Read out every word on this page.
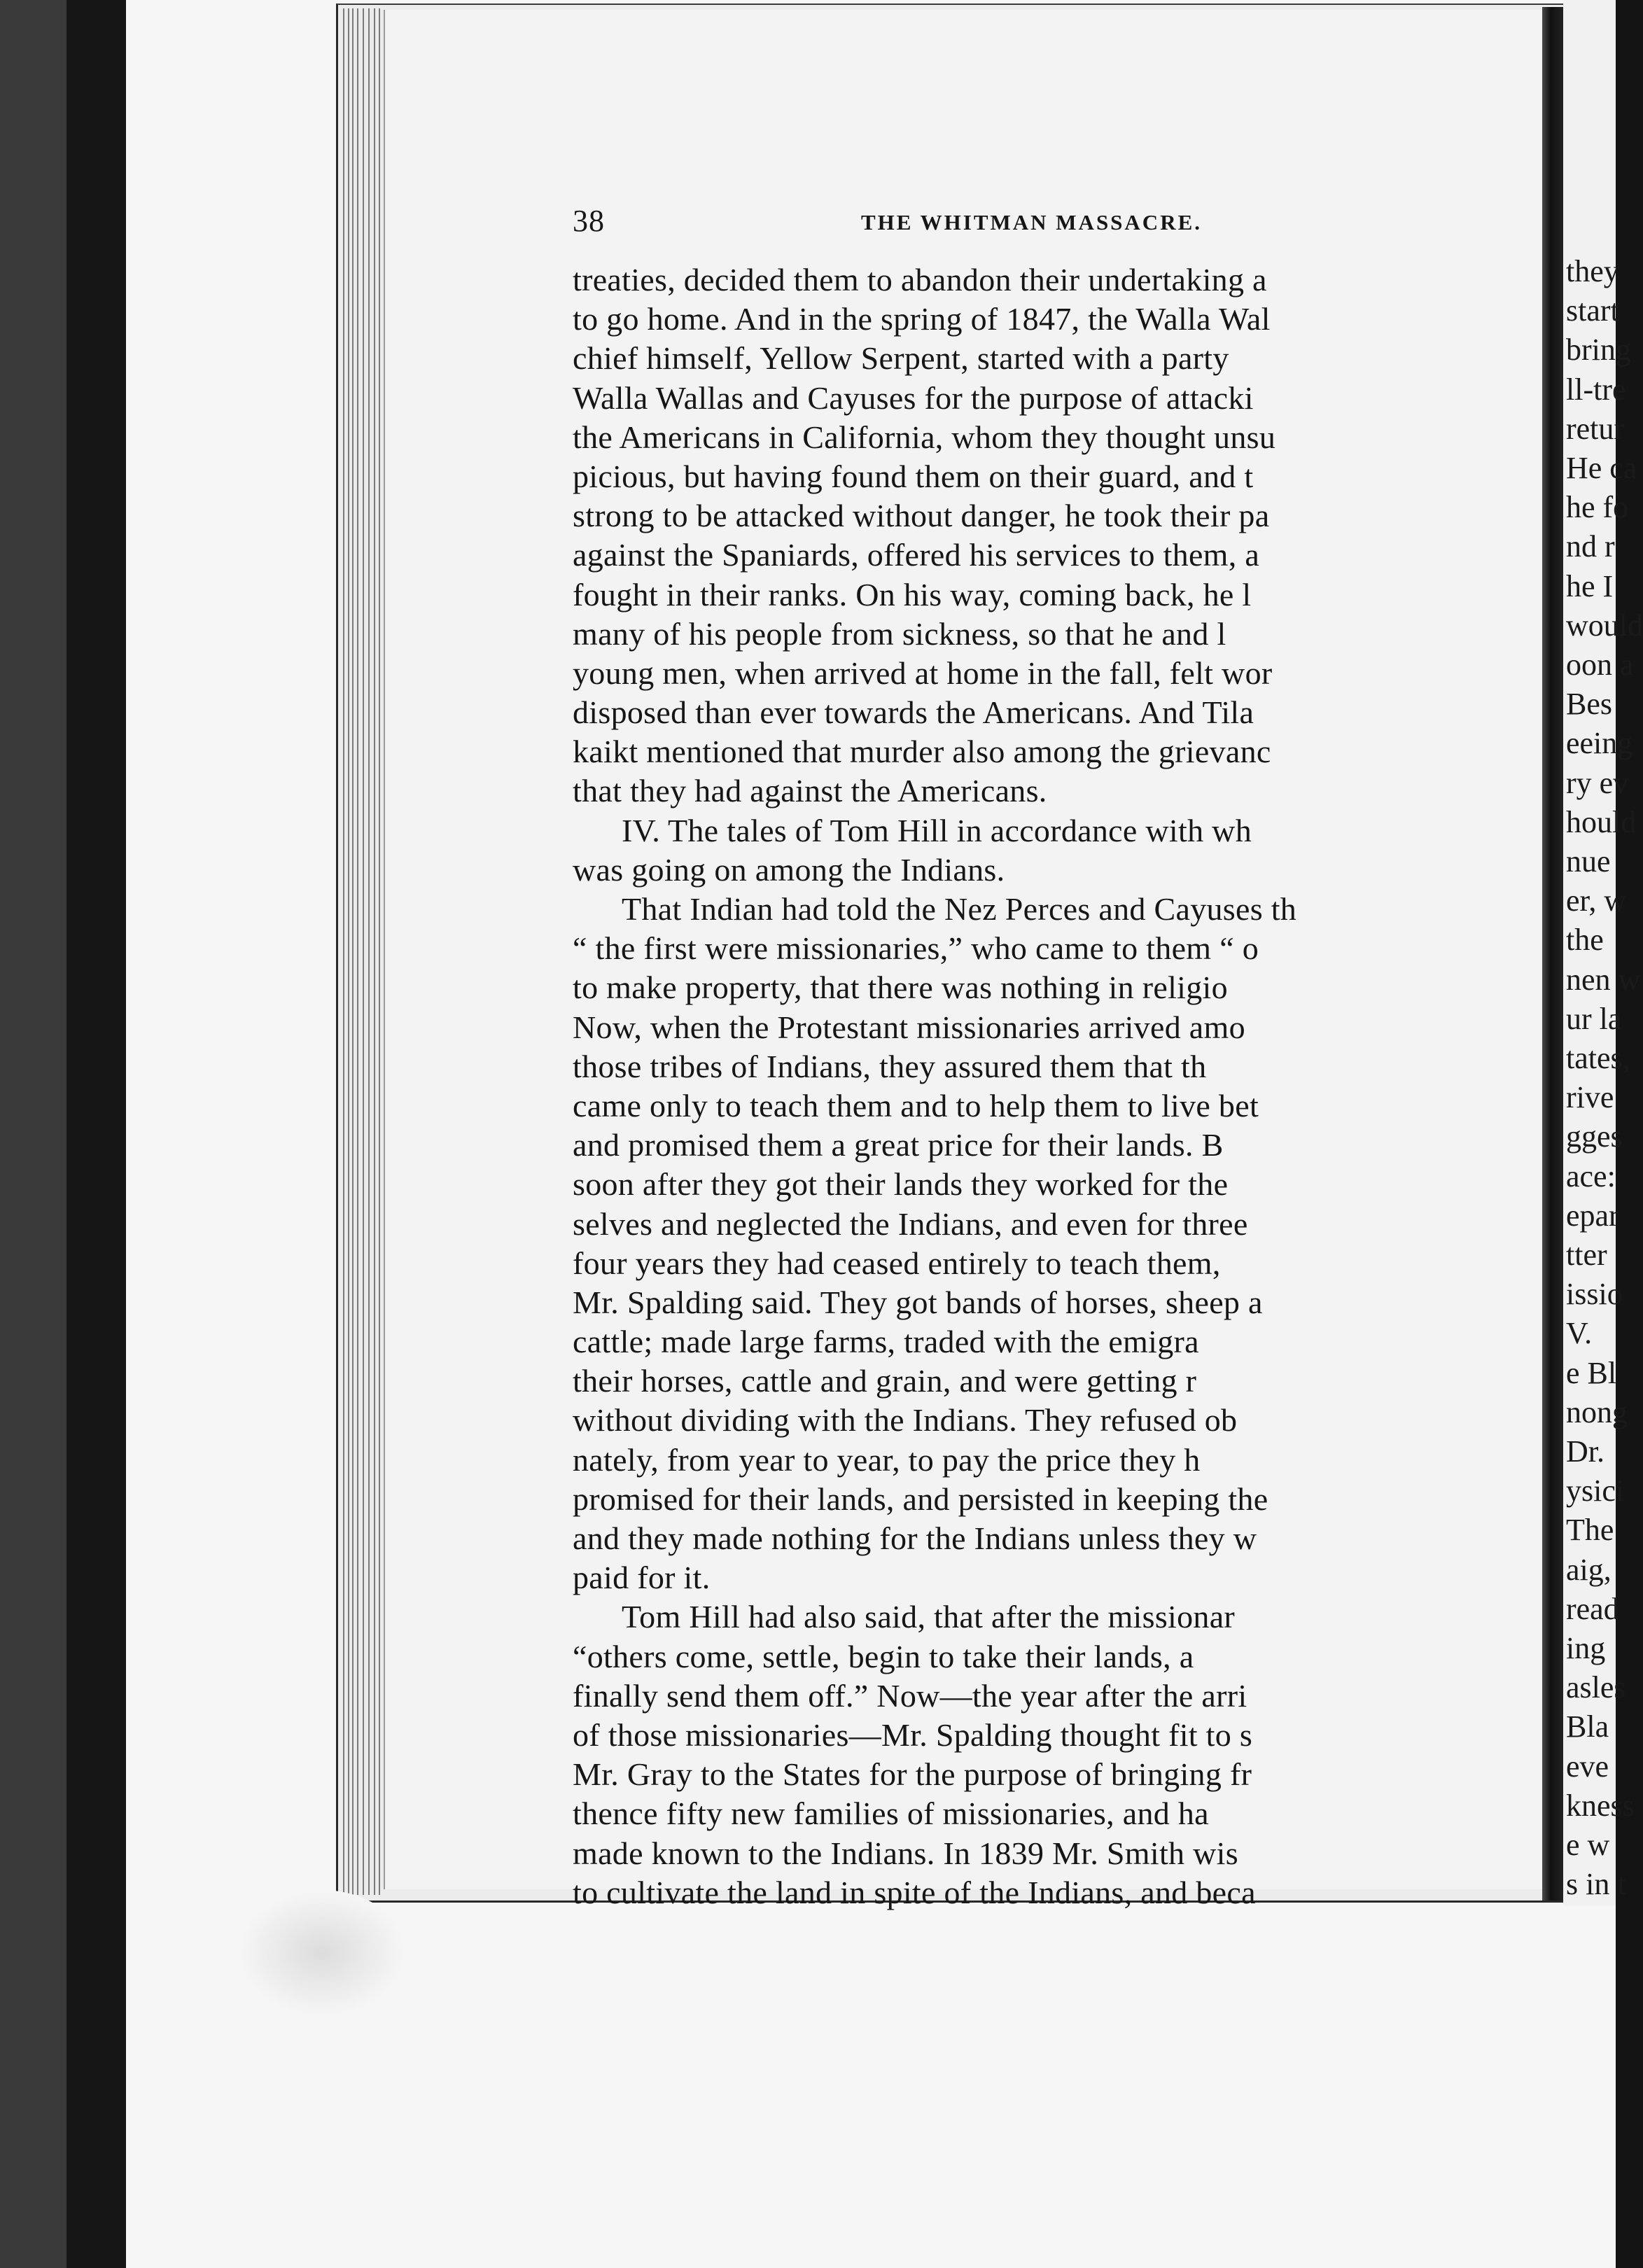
38	THE WHITMAN MASSACRE.
treaties, decided them to abandon their undertaking a
to go home. And in the spring of 1847, the Walla Wal
chief himself, Yellow Serpent, started with a party
Walla Wallas and Cayuses for the purpose of attacki
the Americans in California, whom they thought unsu
picious, but having found them on their guard, and t
strong to be attacked without danger, he took their pa
against the Spaniards, offered his services to them, a
fought in their ranks. On his way, coming back, he l
many of his people from sickness, so that he and l
young men, when arrived at home in the fall, felt wor
disposed than ever towards the Americans. And Tila
kaikt mentioned that murder also among the grievanc
that they had against the Americans.
IV. The tales of Tom Hill in accordance with wh
was going on among the Indians.
That Indian had told the Nez Perces and Cayuses th
“ the first were missionaries,” who came to them “ o
to make property, that there was nothing in religio
Now, when the Protestant missionaries arrived amo
those tribes of Indians, they assured them that th
came only to teach them and to help them to live bet
and promised them a great price for their lands. B
soon after they got their lands they worked for the
selves and neglected the Indians, and even for three
four years they had ceased entirely to teach them,
Mr. Spalding said. They got bands of horses, sheep a
cattle; made large farms, traded with the emigra
their horses, cattle and grain, and were getting r
without dividing with the Indians. They refused ob
nately, from year to year, to pay the price they h
promised for their lands, and persisted in keeping the
and they made nothing for the Indians unless they w
paid for it.
Tom Hill had also said, that after the missionar
“others come, settle, begin to take their lands, a
finally send them off.” Now—the year after the arri
of those missionaries—Mr. Spalding thought fit to s
Mr. Gray to the States for the purpose of bringing fr
thence fifty new families of missionaries, and ha
made known to the Indians. In 1839 Mr. Smith wis
to cultivate the land in spite of the Indians, and beca
they
start
bring
ll-tre
retur
He ca
he fo
nd r
he I
would
oon a
Bes
eeing
ry ev
hould
nue
er, w
the
nen w
ur la
tates,
rive
gges
ace:
epar
tter
issio
V.
e Bl
nong
Dr.
ysici
The
aig,
read
ing
asles
Bla
eve
kness
e w
s in t
